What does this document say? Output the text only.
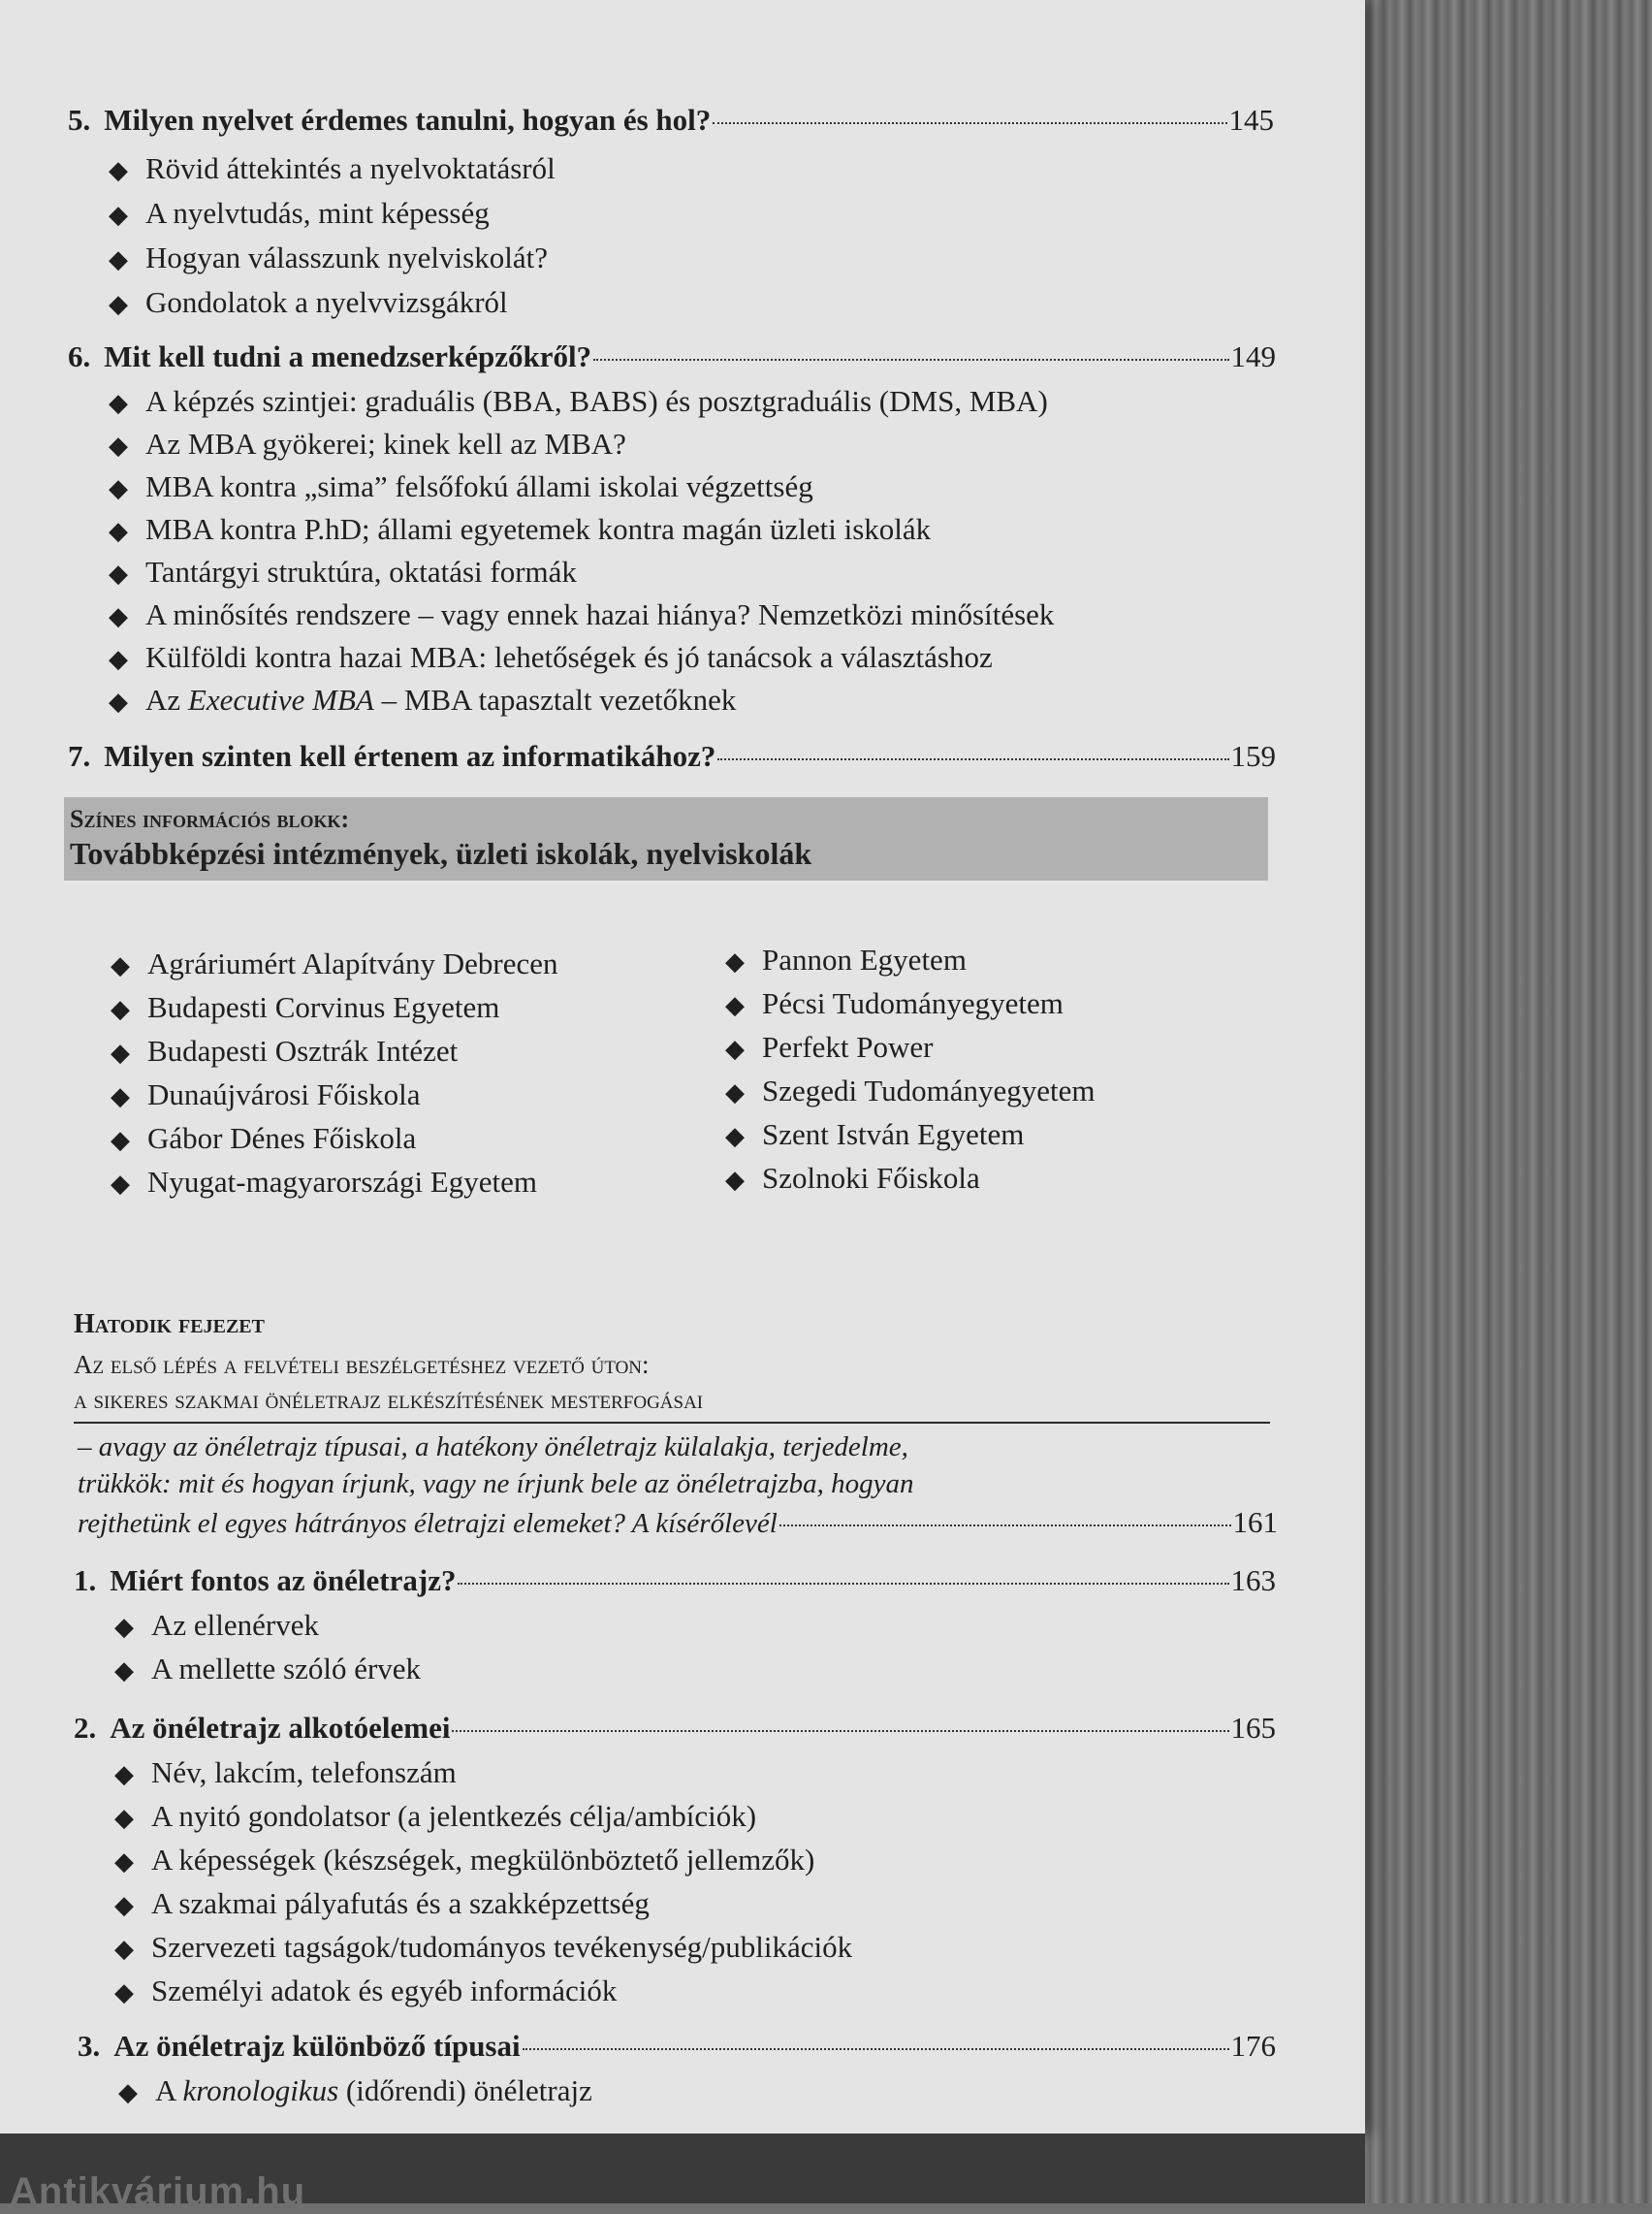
Antikvárium.hu
5. Milyen nyelvet érdemes tanulni, hogyan és hol?	145
◆ Rövid áttekintés a nyelvoktatásról
◆ A nyelvtudás, mint képesség
◆ Hogyan válasszunk nyelviskolát?
◆ Gondolatok a nyelvvizsgákról
6. Mit kell tudni a menedzserképzőkről?	149
◆ A képzés szintjei: graduális (BBA, BABS) és posztgraduális (DMS, MBA)
◆ Az MBA gyökerei; kinek kell az MBA?
◆ MBA kontra „sima” felsőfokú állami iskolai végzettség
◆ MBA kontra P.hD; állami egyetemek kontra magán üzleti iskolák
◆ Tantárgyi struktúra, oktatási formák
◆ A minősítés rendszere – vagy ennek hazai hiánya? Nemzetközi minősítések
◆ Külföldi kontra hazai MBA: lehetőségek és jó tanácsok a választáshoz
◆ Az Executive MBA – MBA tapasztalt vezetőknek
7. Milyen szinten kell értenem az informatikához?	159
Színes információs blokk:
Továbbképzési intézmények, üzleti iskolák, nyelviskolák
◆ Agráriumért Alapítvány Debrecen
◆ Budapesti Corvinus Egyetem
◆ Budapesti Osztrák Intézet
◆ Dunaújvárosi Főiskola
◆ Gábor Dénes Főiskola
◆ Nyugat-magyarországi Egyetem
◆ Pannon Egyetem
◆ Pécsi Tudományegyetem
◆ Perfekt Power
◆ Szegedi Tudományegyetem
◆ Szent István Egyetem
◆ Szolnoki Főiskola
Hatodik fejezet
Az első lépés a felvételi beszélgetéshez vezető úton:
a sikeres szakmai önéletrajz elkészítésének mesterfogásai
– avagy az önéletrajz típusai, a hatékony önéletrajz külalakja, terjedelme,
trükkök: mit és hogyan írjunk, vagy ne írjunk bele az önéletrajzba, hogyan
rejthetünk el egyes hátrányos életrajzi elemeket? A kísérőlevél	161
1. Miért fontos az önéletrajz?	163
◆ Az ellenérvek
◆ A mellette szóló érvek
2. Az önéletrajz alkotóelemei	165
◆ Név, lakcím, telefonszám
◆ A nyitó gondolatsor (a jelentkezés célja/ambíciók)
◆ A képességek (készségek, megkülönböztető jellemzők)
◆ A szakmai pályafutás és a szakképzettség
◆ Szervezeti tagságok/tudományos tevékenység/publikációk
◆ Személyi adatok és egyéb információk
3. Az önéletrajz különböző típusai	176
◆ A kronologikus (időrendi) önéletrajz
